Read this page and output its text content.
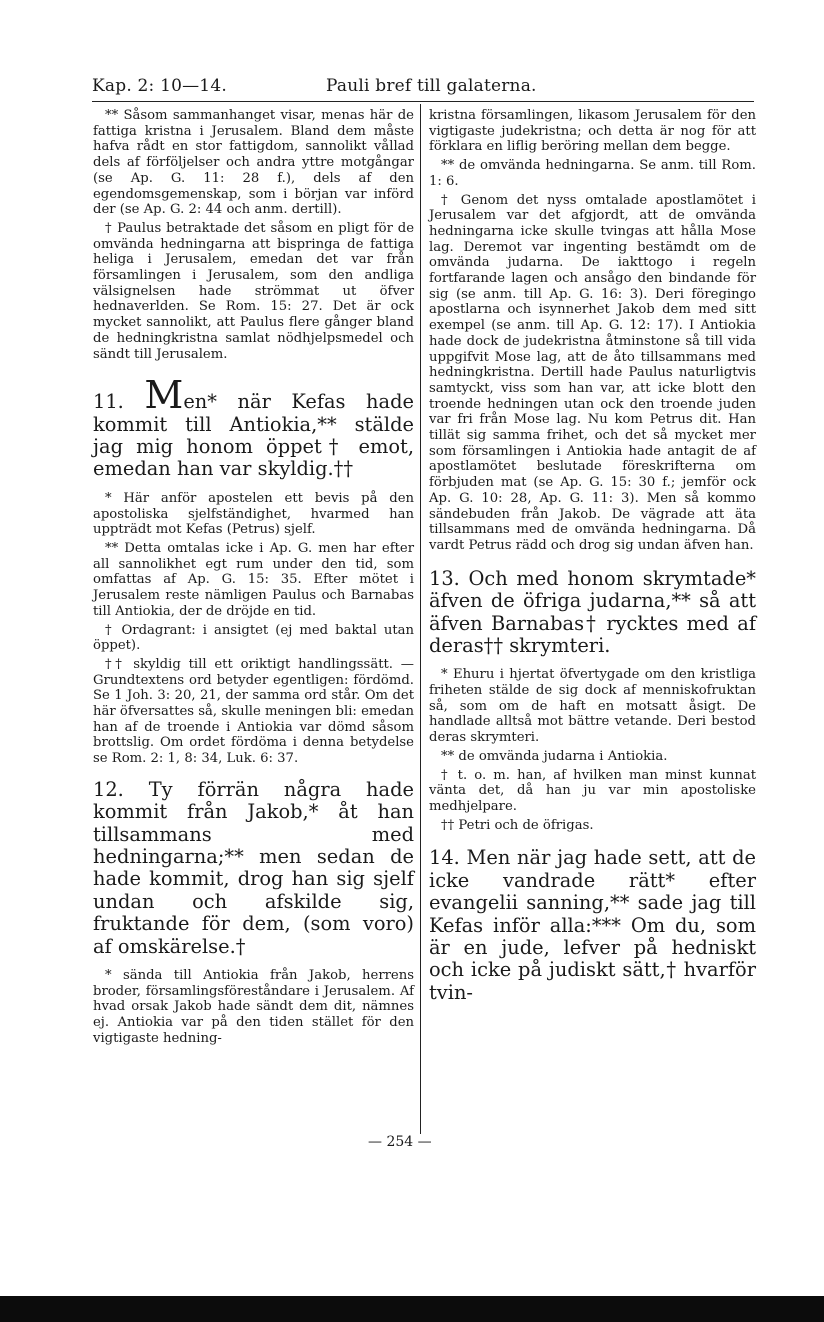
Kap. 2: 10—14.	Pauli bref till galaterna.

** Såsom sammanhanget visar, menas här de fattiga kristna i Jerusalem. Bland dem måste hafva rådt en stor fattigdom, sannolikt vållad dels af förföljelser och andra yttre motgångar (se Ap. G. 11: 28 f.), dels af den egendomsgemenskap, som i början var införd der (se Ap. G. 2: 44 och anm. dertill).

† Paulus betraktade det såsom en pligt för de omvända hedningarna att bispringa de fattiga heliga i Jerusalem, emedan det var från församlingen i Jerusalem, som den andliga välsignelsen hade strömmat ut öfver hednaverlden. Se Rom. 15: 27. Det är ock mycket sannolikt, att Paulus flere gånger bland de hedningkristna samlat nödhjelpsmedel och sändt till Jerusalem.

11. Men* när Kefas hade kommit till Antiokia,** stälde jag mig honom öppet† emot, emedan han var skyldig.††

* Här anför apostelen ett bevis på den apostoliska sjelfständighet, hvarmed han uppträdt mot Kefas (Petrus) sjelf.

** Detta omtalas icke i Ap. G. men har efter all sannolikhet egt rum under den tid, som omfattas af Ap. G. 15: 35. Efter mötet i Jerusalem reste nämligen Paulus och Barnabas till Antiokia, der de dröjde en tid.

† Ordagrant: i ansigtet (ej med baktal utan öppet).

†† skyldig till ett oriktigt handlingssätt. — Grundtextens ord betyder egentligen: fördömd. Se 1 Joh. 3: 20, 21, der samma ord står. Om det här öfversattes så, skulle meningen bli: emedan han af de troende i Antiokia var dömd såsom brottslig. Om ordet fördöma i denna betydelse se Rom. 2: 1, 8: 34, Luk. 6: 37.

12. Ty förrän några hade kommit från Jakob,* åt han tillsammans med hedningarna;** men sedan de hade kommit, drog han sig sjelf undan och afskilde sig, fruktande för dem, (som voro) af omskärelse.†

* sända till Antiokia från Jakob, herrens broder, församlingsföreståndare i Jerusalem. Af hvad orsak Jakob hade sändt dem dit, nämnes ej. Antiokia var på den tiden stället för den vigtigaste hedning-

kristna församlingen, likasom Jerusalem för den vigtigaste judekristna; och detta är nog för att förklara en liflig beröring mellan dem begge.

** de omvända hedningarna. Se anm. till Rom. 1: 6.

† Genom det nyss omtalade apostlamötet i Jerusalem var det afgjordt, att de omvända hedningarna icke skulle tvingas att hålla Mose lag. Deremot var ingenting bestämdt om de omvända judarna. De iakttogo i regeln fortfarande lagen och ansågo den bindande för sig (se anm. till Ap. G. 16: 3). Deri föregingo apostlarna och isynnerhet Jakob dem med sitt exempel (se anm. till Ap. G. 12: 17). I Antiokia hade dock de judekristna åtminstone så till vida uppgifvit Mose lag, att de åto tillsammans med hedningkristna. Dertill hade Paulus naturligtvis samtyckt, viss som han var, att icke blott den troende hedningen utan ock den troende juden var fri från Mose lag. Nu kom Petrus dit. Han tillät sig samma frihet, och det så mycket mer som församlingen i Antiokia hade antagit de af apostlamötet beslutade föreskrifterna om förbjuden mat (se Ap. G. 15: 30 f.; jemför ock Ap. G. 10: 28, Ap. G. 11: 3). Men så kommo sändebuden från Jakob. De vägrade att äta tillsammans med de omvända hedningarna. Då vardt Petrus rädd och drog sig undan äfven han.

13. Och med honom skrymtade* äfven de öfriga judarna,** så att äfven Barnabas† rycktes med af deras†† skrymteri.

* Ehuru i hjertat öfvertygade om den kristliga friheten stälde de sig dock af menniskofruktan så, som om de haft en motsatt åsigt. De handlade alltså mot bättre vetande. Deri bestod deras skrymteri.

** de omvända judarna i Antiokia.

† t. o. m. han, af hvilken man minst kunnat vänta det, då han ju var min apostoliske medhjelpare.

†† Petri och de öfrigas.

14. Men när jag hade sett, att de icke vandrade rätt* efter evangelii sanning,** sade jag till Kefas inför alla:*** Om du, som är en jude, lefver på hedniskt och icke på judiskt sätt,† hvarför tvin-

— 254 —
